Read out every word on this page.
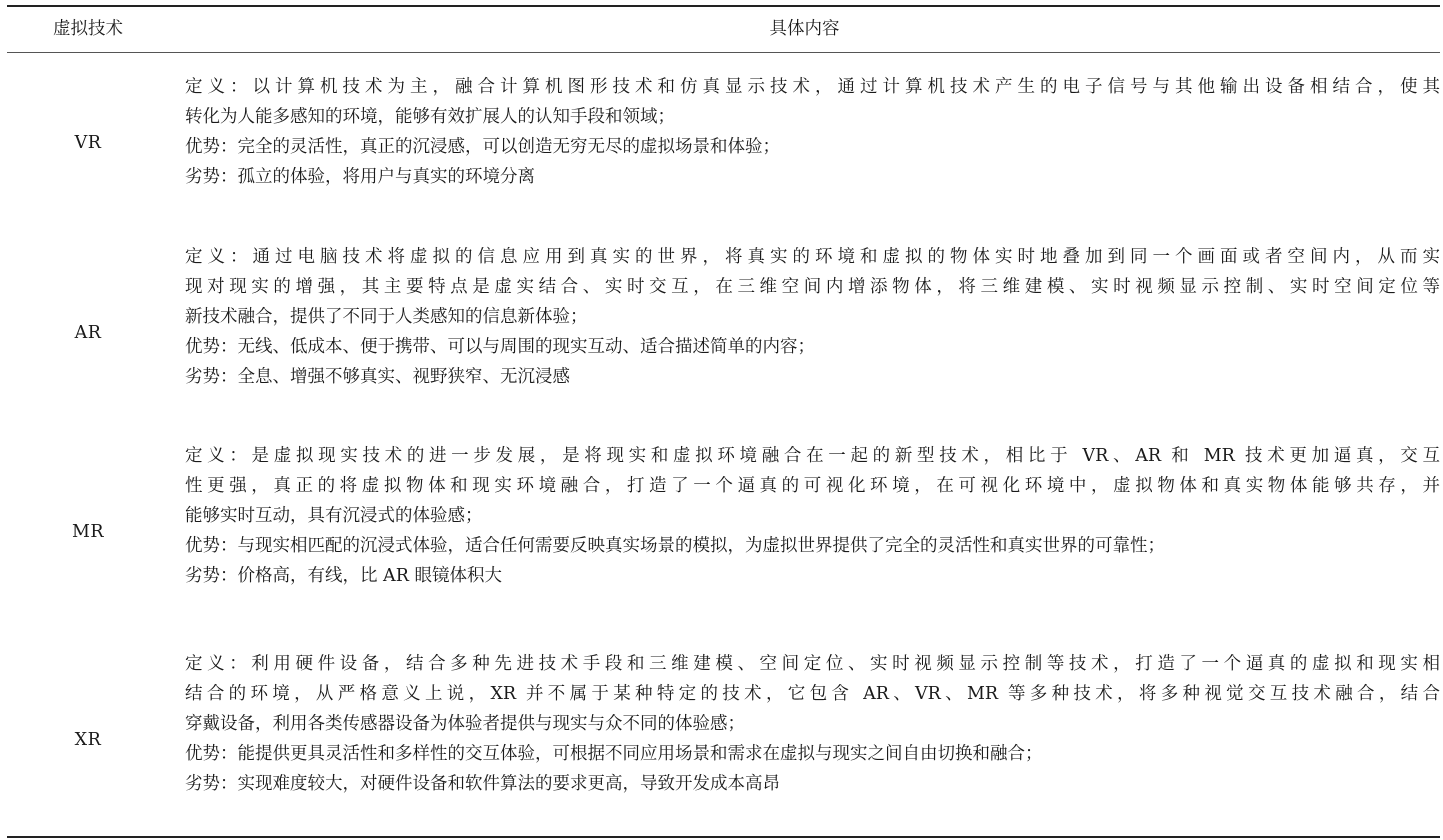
虚拟技术	具体内容
VR
定义：以计算机技术为主，融合计算机图形技术和仿真显示技术，通过计算机技术产生的电子信号与其他输出设备相结合，使其
转化为人能多感知的环境，能够有效扩展人的认知手段和领域；
优势：完全的灵活性，真正的沉浸感，可以创造无穷无尽的虚拟场景和体验；
劣势：孤立的体验，将用户与真实的环境分离
AR
定义：通过电脑技术将虚拟的信息应用到真实的世界，将真实的环境和虚拟的物体实时地叠加到同一个画面或者空间内，从而实
现对现实的增强，其主要特点是虚实结合、实时交互，在三维空间内增添物体，将三维建模、实时视频显示控制、实时空间定位等
新技术融合，提供了不同于人类感知的信息新体验；
优势：无线、低成本、便于携带、可以与周围的现实互动、适合描述简单的内容；
劣势：全息、增强不够真实、视野狭窄、无沉浸感
MR
定义：是虚拟现实技术的进一步发展，是将现实和虚拟环境融合在一起的新型技术，相比于 VR、AR 和 MR 技术更加逼真，交互
性更强，真正的将虚拟物体和现实环境融合，打造了一个逼真的可视化环境，在可视化环境中，虚拟物体和真实物体能够共存，并
能够实时互动，具有沉浸式的体验感；
优势：与现实相匹配的沉浸式体验，适合任何需要反映真实场景的模拟，为虚拟世界提供了完全的灵活性和真实世界的可靠性；
劣势：价格高，有线，比 AR 眼镜体积大
XR
定义：利用硬件设备，结合多种先进技术手段和三维建模、空间定位、实时视频显示控制等技术，打造了一个逼真的虚拟和现实相
结合的环境，从严格意义上说，XR 并不属于某种特定的技术，它包含 AR、VR、MR 等多种技术，将多种视觉交互技术融合，结合
穿戴设备，利用各类传感器设备为体验者提供与现实与众不同的体验感；
优势：能提供更具灵活性和多样性的交互体验，可根据不同应用场景和需求在虚拟与现实之间自由切换和融合；
劣势：实现难度较大，对硬件设备和软件算法的要求更高，导致开发成本高昂
